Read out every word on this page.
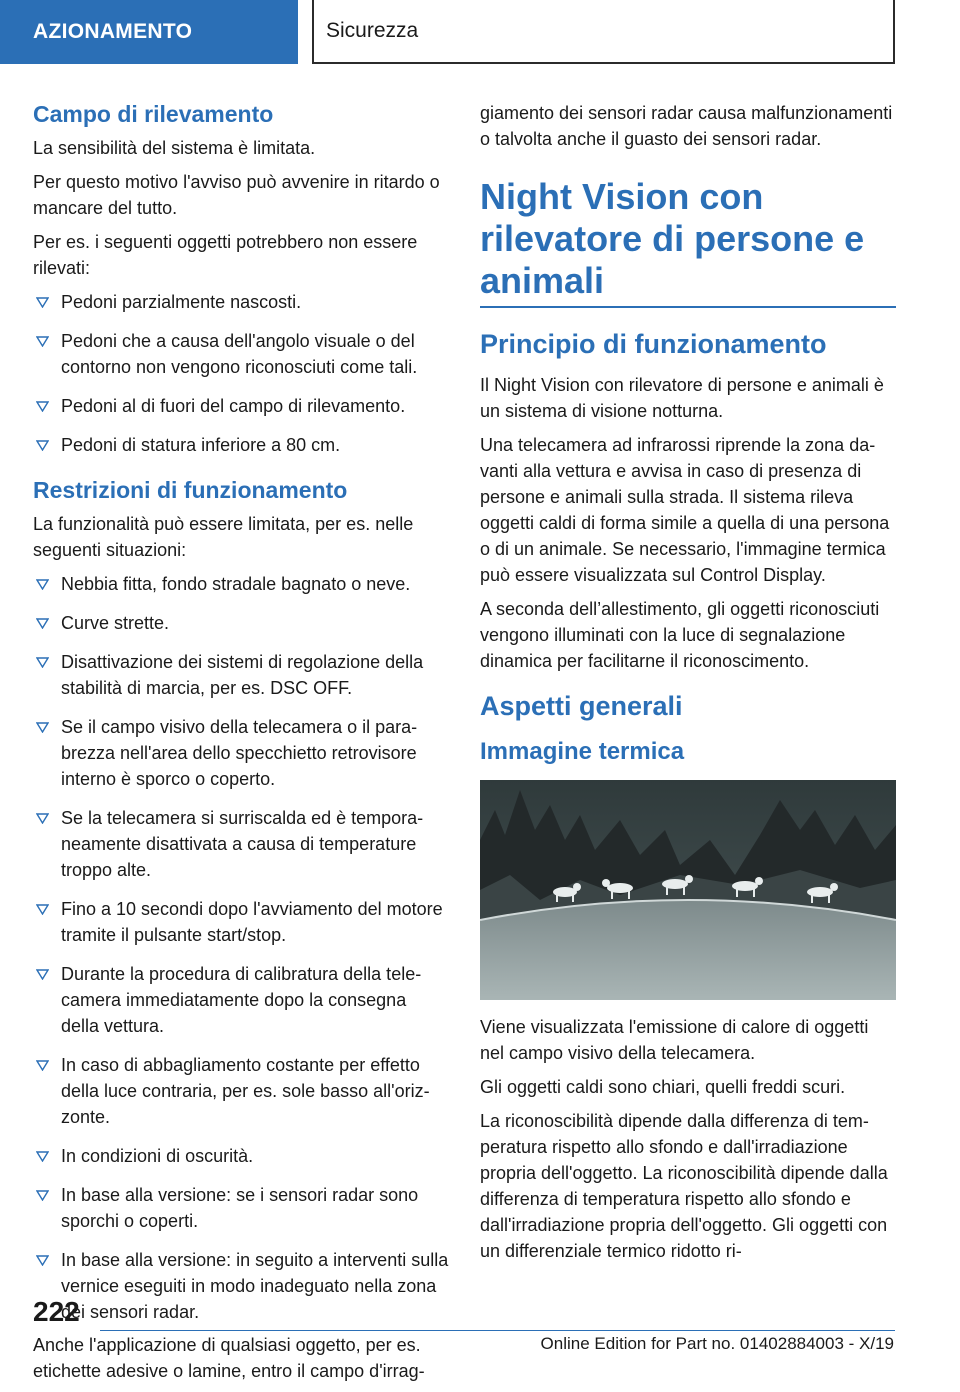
AZIONAMENTO	Sicurezza
Campo di rilevamento

La sensibilità del sistema è limitata.

Per questo motivo l'avviso può avvenire in ritardo o mancare del tutto.

Per es. i seguenti oggetti potrebbero non essere rilevati:

Pedoni parzialmente nascosti.
Pedoni che a causa dell'angolo visuale o del contorno non vengono riconosciuti come tali.
Pedoni al di fuori del campo di rilevamento.
Pedoni di statura inferiore a 80 cm.
Restrizioni di funzionamento

La funzionalità può essere limitata, per es. nelle seguenti situazioni:

Nebbia fitta, fondo stradale bagnato o neve.
Curve strette.
Disattivazione dei sistemi di regolazione della stabilità di marcia, per es. DSC OFF.
Se il campo visivo della telecamera o il parabrezza nell'area dello specchietto retrovisore interno è sporco o coperto.
Se la telecamera si surriscalda ed è temporaneamente disattivata a causa di temperature troppo alte.
Fino a 10 secondi dopo l'avviamento del motore tramite il pulsante start/stop.
Durante la procedura di calibratura della telecamera immediatamente dopo la consegna della vettura.
In caso di abbagliamento costante per effetto della luce contraria, per es. sole basso all'orizzonte.
In condizioni di oscurità.
In base alla versione: se i sensori radar sono sporchi o coperti.
In base alla versione: in seguito a interventi sulla vernice eseguiti in modo inadeguato nella zona dei sensori radar.

Anche l'applicazione di qualsiasi oggetto, per es. etichette adesive o lamine, entro il campo d'irrag-

giamento dei sensori radar causa malfunzionamenti o talvolta anche il guasto dei sensori radar.

Night Vision con rilevatore di persone e animali
Principio di funzionamento

Il Night Vision con rilevatore di persone e animali è un sistema di visione notturna.

Una telecamera ad infrarossi riprende la zona davanti alla vettura e avvisa in caso di presenza di persone e animali sulla strada. Il sistema rileva oggetti caldi di forma simile a quella di una persona o di un animale. Se necessario, l'immagine termica può essere visualizzata sul Control Display.

A seconda dell’allestimento, gli oggetti riconosciuti vengono illuminati con la luce di segnalazione dinamica per facilitarne il riconoscimento.

Aspetti generali
Immagine termica

Viene visualizzata l'emissione di calore di oggetti nel campo visivo della telecamera.

Gli oggetti caldi sono chiari, quelli freddi scuri.

La riconoscibilità dipende dalla differenza di temperatura rispetto allo sfondo e dall'irradiazione propria dell'oggetto. La riconoscibilità dipende dalla differenza di temperatura rispetto allo sfondo e dall'irradiazione propria dell'oggetto. Gli oggetti con un differenziale termico ridotto ri-

222
Online Edition for Part no. 01402884003 - X/19
